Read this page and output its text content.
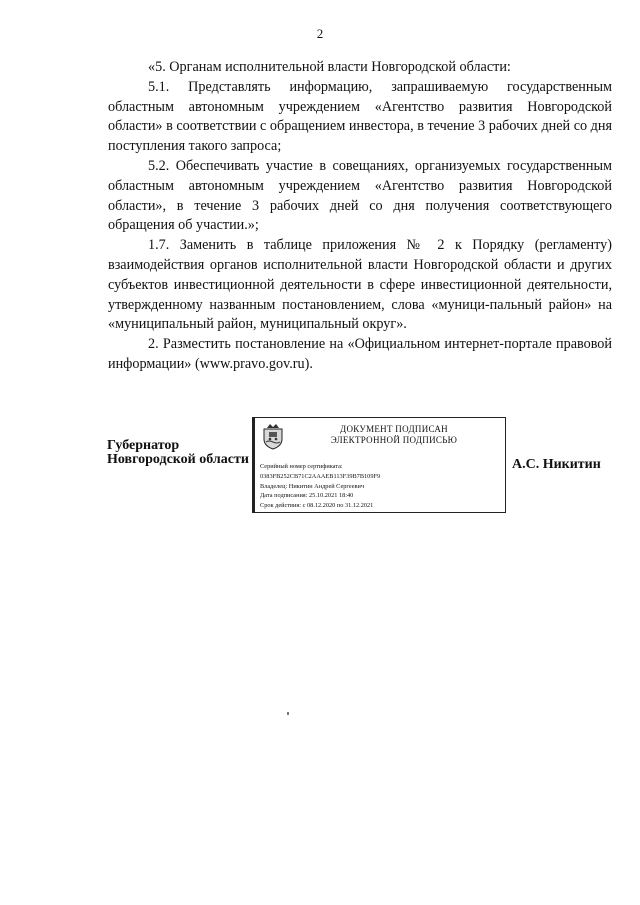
2

«5. Органам исполнительной власти Новгородской области:

5.1. Представлять информацию, запрашиваемую государственным областным автономным учреждением «Агентство развития Новгородской области» в соответствии с обращением инвестора, в течение 3 рабочих дней со дня поступления такого запроса;

5.2. Обеспечивать участие в совещаниях, организуемых государственным областным автономным учреждением «Агентство развития Новгородской области», в течение 3 рабочих дней со дня получения соответствующего обращения об участии.»;

1.7. Заменить в таблице приложения № 2 к Порядку (регламенту) взаимодействия органов исполнительной власти Новгородской области и других субъектов инвестиционной деятельности в сфере инвестиционной деятельности, утвержденному названным постановлением, слова «муници-пальный район» на «муниципальный район, муниципальный округ».

2. Разместить постановление на «Официальном интернет-портале правовой информации» (www.pravo.gov.ru).

Губернатор
Новгородской области
ДОКУМЕНТ ПОДПИСАН
ЭЛЕКТРОННОЙ ПОДПИСЬЮ
Серийный номер сертификата:
0383FB252CB71C2AAAEB113F39B7B109F9
Владелец: Никитин Андрей Сергеевич
Дата подписания: 25.10.2021 18:40
Срок действия: с 08.12.2020 по 31.12.2021
А.С. Никитин
